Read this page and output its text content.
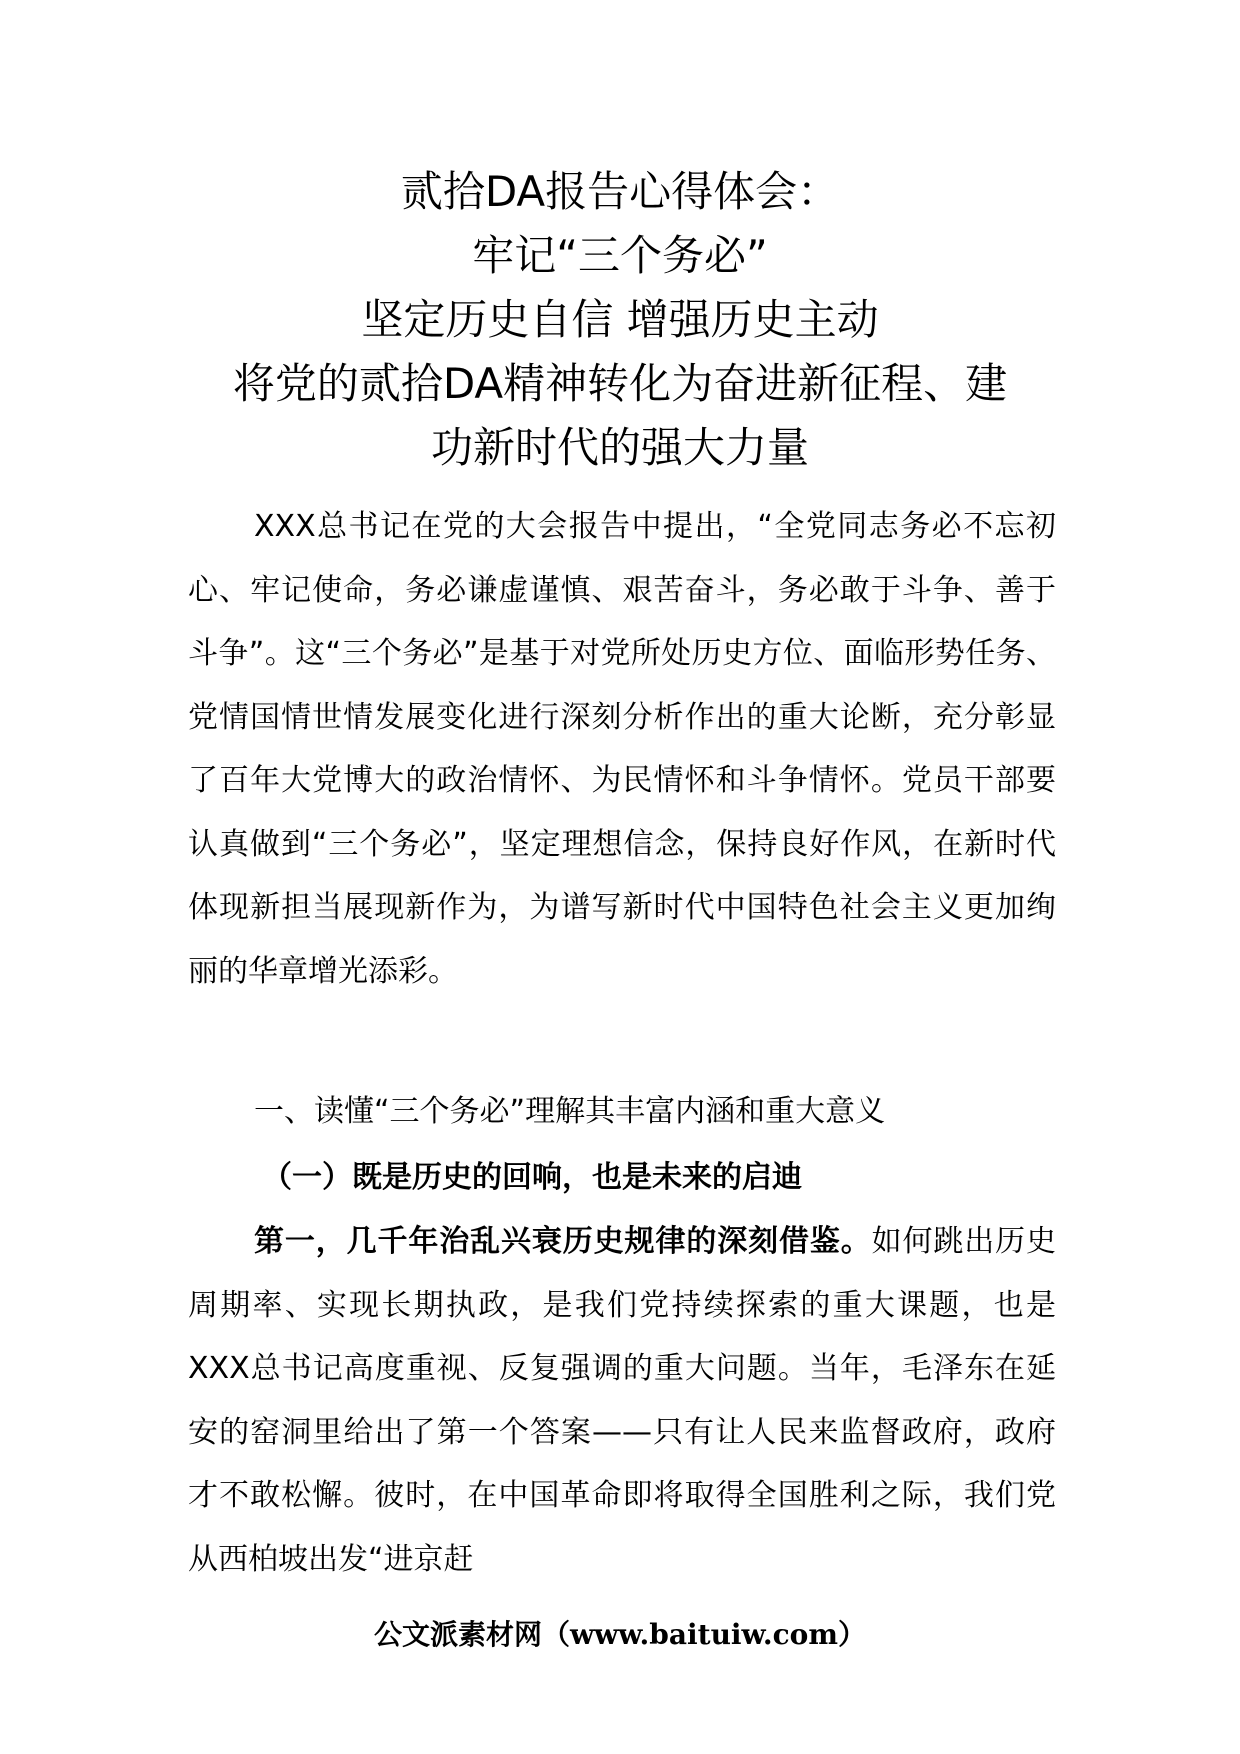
贰拾DA报告心得体会：
牢记“三个务必”
坚定历史自信 增强历史主动
将党的贰拾DA精神转化为奋进新征程、建
功新时代的强大力量

XXX总书记在党的大会报告中提出，“全党同志务必不忘初心、牢记使命，务必谦虚谨慎、艰苦奋斗，务必敢于斗争、善于斗争”。这“三个务必”是基于对党所处历史方位、面临形势任务、党情国情世情发展变化进行深刻分析作出的重大论断，充分彰显了百年大党博大的政治情怀、为民情怀和斗争情怀。党员干部要认真做到“三个务必”，坚定理想信念，保持良好作风，在新时代体现新担当展现新作为，为谱写新时代中国特色社会主义更加绚丽的华章增光添彩。

一、读懂“三个务必”理解其丰富内涵和重大意义

（一）既是历史的回响，也是未来的启迪

第一，几千年治乱兴衰历史规律的深刻借鉴。如何跳出历史周期率、实现长期执政，是我们党持续探索的重大课题，也是XXX总书记高度重视、反复强调的重大问题。当年，毛泽东在延安的窑洞里给出了第一个答案——只有让人民来监督政府，政府才不敢松懈。彼时，在中国革命即将取得全国胜利之际，我们党从西柏坡出发“进京赶

公文派素材网（www.baituiw.com）
